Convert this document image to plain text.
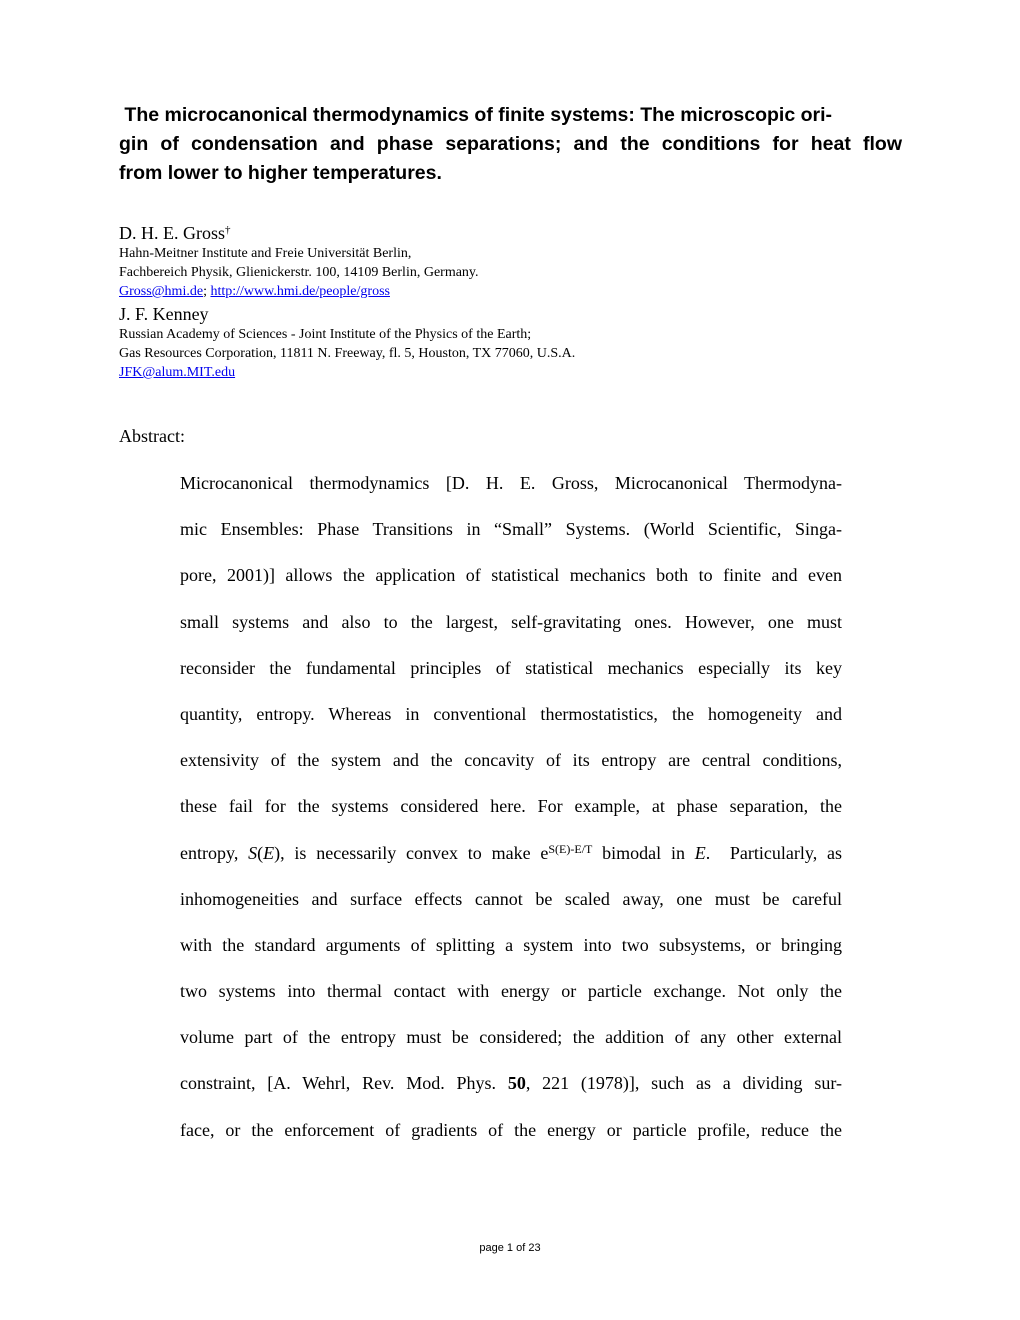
The microcanonical thermodynamics of finite systems: The microscopic ori-
gin of condensation and phase separations; and the conditions for heat flow
from lower to higher temperatures.
D. H. E. Gross†
Hahn-Meitner Institute and Freie Universität Berlin,
Fachbereich Physik, Glienickerstr. 100, 14109 Berlin, Germany.
Gross@hmi.de; http://www.hmi.de/people/gross
J. F. Kenney
Russian Academy of Sciences - Joint Institute of the Physics of the Earth;
Gas Resources Corporation, 11811 N. Freeway, fl. 5, Houston, TX 77060, U.S.A.
JFK@alum.MIT.edu
Abstract:
Microcanonical thermodynamics [D. H. E. Gross, Microcanonical Thermodyna-
mic Ensembles: Phase Transitions in “Small” Systems. (World Scientific, Singa-
pore, 2001)] allows the application of statistical mechanics both to finite and even
small systems and also to the largest, self-gravitating ones. However, one must
reconsider the fundamental principles of statistical mechanics especially its key
quantity, entropy. Whereas in conventional thermostatistics, the homogeneity and
extensivity of the system and the concavity of its entropy are central conditions,
these fail for the systems considered here. For example, at phase separation, the
entropy, S(E), is necessarily convex to make $e^{S(E)-E/T}$ bimodal in E.  Particularly, as
inhomogeneities and surface effects cannot be scaled away, one must be careful
with the standard arguments of splitting a system into two subsystems, or bringing
two systems into thermal contact with energy or particle exchange. Not only the
volume part of the entropy must be considered; the addition of any other external
constraint, [A. Wehrl, Rev. Mod. Phys. 50, 221 (1978)], such as a dividing sur-
face, or the enforcement of gradients of the energy or particle profile, reduce the
page 1 of 23
